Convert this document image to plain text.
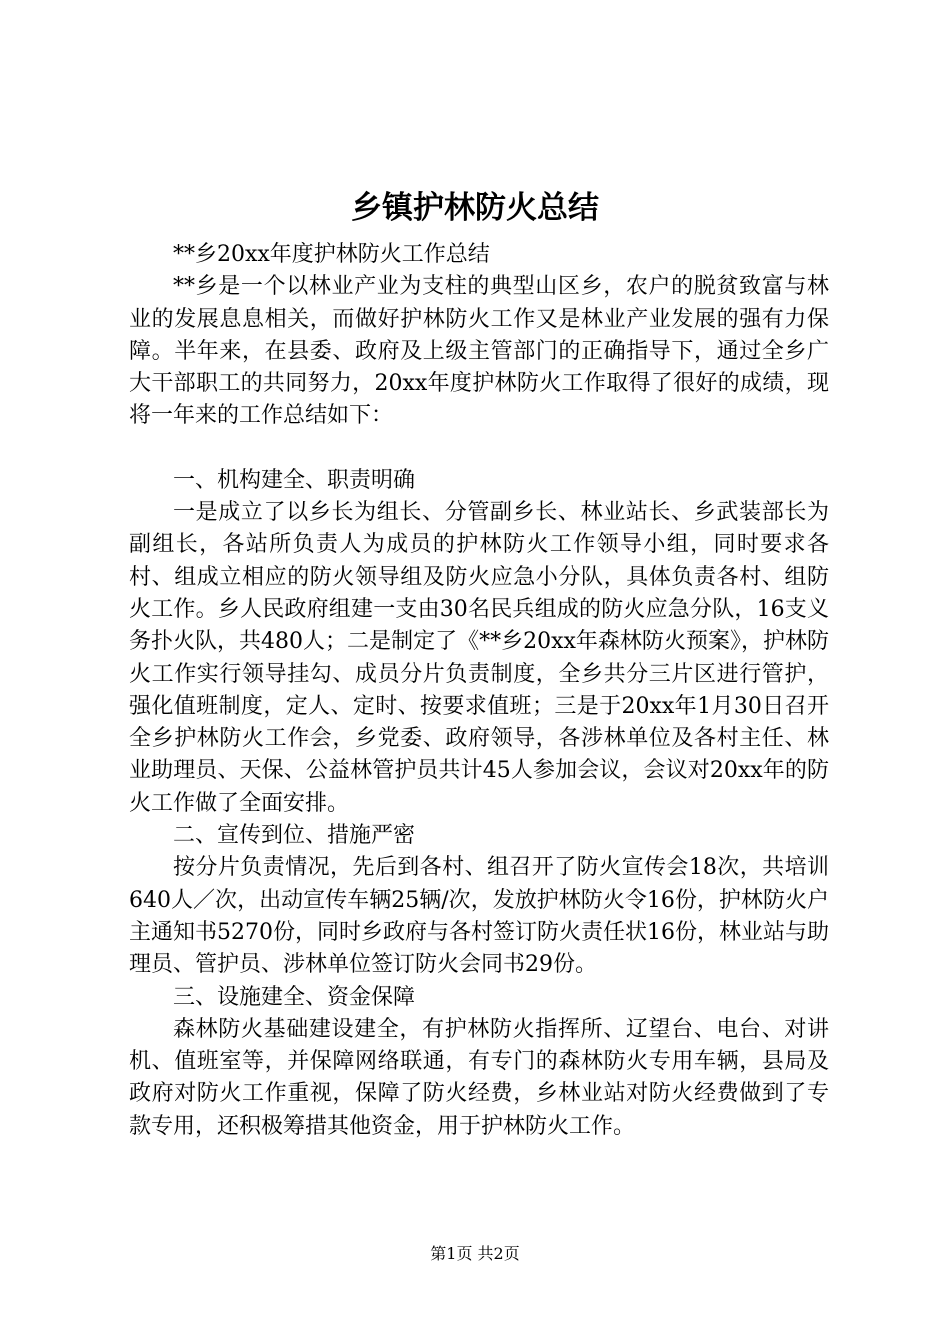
乡镇护林防火总结

**乡20xx年度护林防火工作总结

**乡是一个以林业产业为支柱的典型山区乡，农户的脱贫致富与林业的发展息息相关，而做好护林防火工作又是林业产业发展的强有力保障。半年来，在县委、政府及上级主管部门的正确指导下，通过全乡广大干部职工的共同努力，20xx年度护林防火工作取得了很好的成绩，现将一年来的工作总结如下：

一、机构建全、职责明确

一是成立了以乡长为组长、分管副乡长、林业站长、乡武装部长为副组长，各站所负责人为成员的护林防火工作领导小组，同时要求各村、组成立相应的防火领导组及防火应急小分队，具体负责各村、组防火工作。乡人民政府组建一支由30名民兵组成的防火应急分队，16支义务扑火队，共480人；二是制定了《**乡20xx年森林防火预案》，护林防火工作实行领导挂勾、成员分片负责制度，全乡共分三片区进行管护，强化值班制度，定人、定时、按要求值班；三是于20xx年1月30日召开全乡护林防火工作会，乡党委、政府领导，各涉林单位及各村主任、林业助理员、天保、公益林管护员共计45人参加会议，会议对20xx年的防火工作做了全面安排。

二、宣传到位、措施严密

按分片负责情况，先后到各村、组召开了防火宣传会18次，共培训640人／次，出动宣传车辆25辆/次，发放护林防火令16份，护林防火户主通知书5270份，同时乡政府与各村签订防火责任状16份，林业站与助理员、管护员、涉林单位签订防火会同书29份。

三、设施建全、资金保障

森林防火基础建设建全，有护林防火指挥所、辽望台、电台、对讲机、值班室等，并保障网络联通，有专门的森林防火专用车辆，县局及政府对防火工作重视，保障了防火经费，乡林业站对防火经费做到了专款专用，还积极筹措其他资金，用于护林防火工作。

第1页 共2页
